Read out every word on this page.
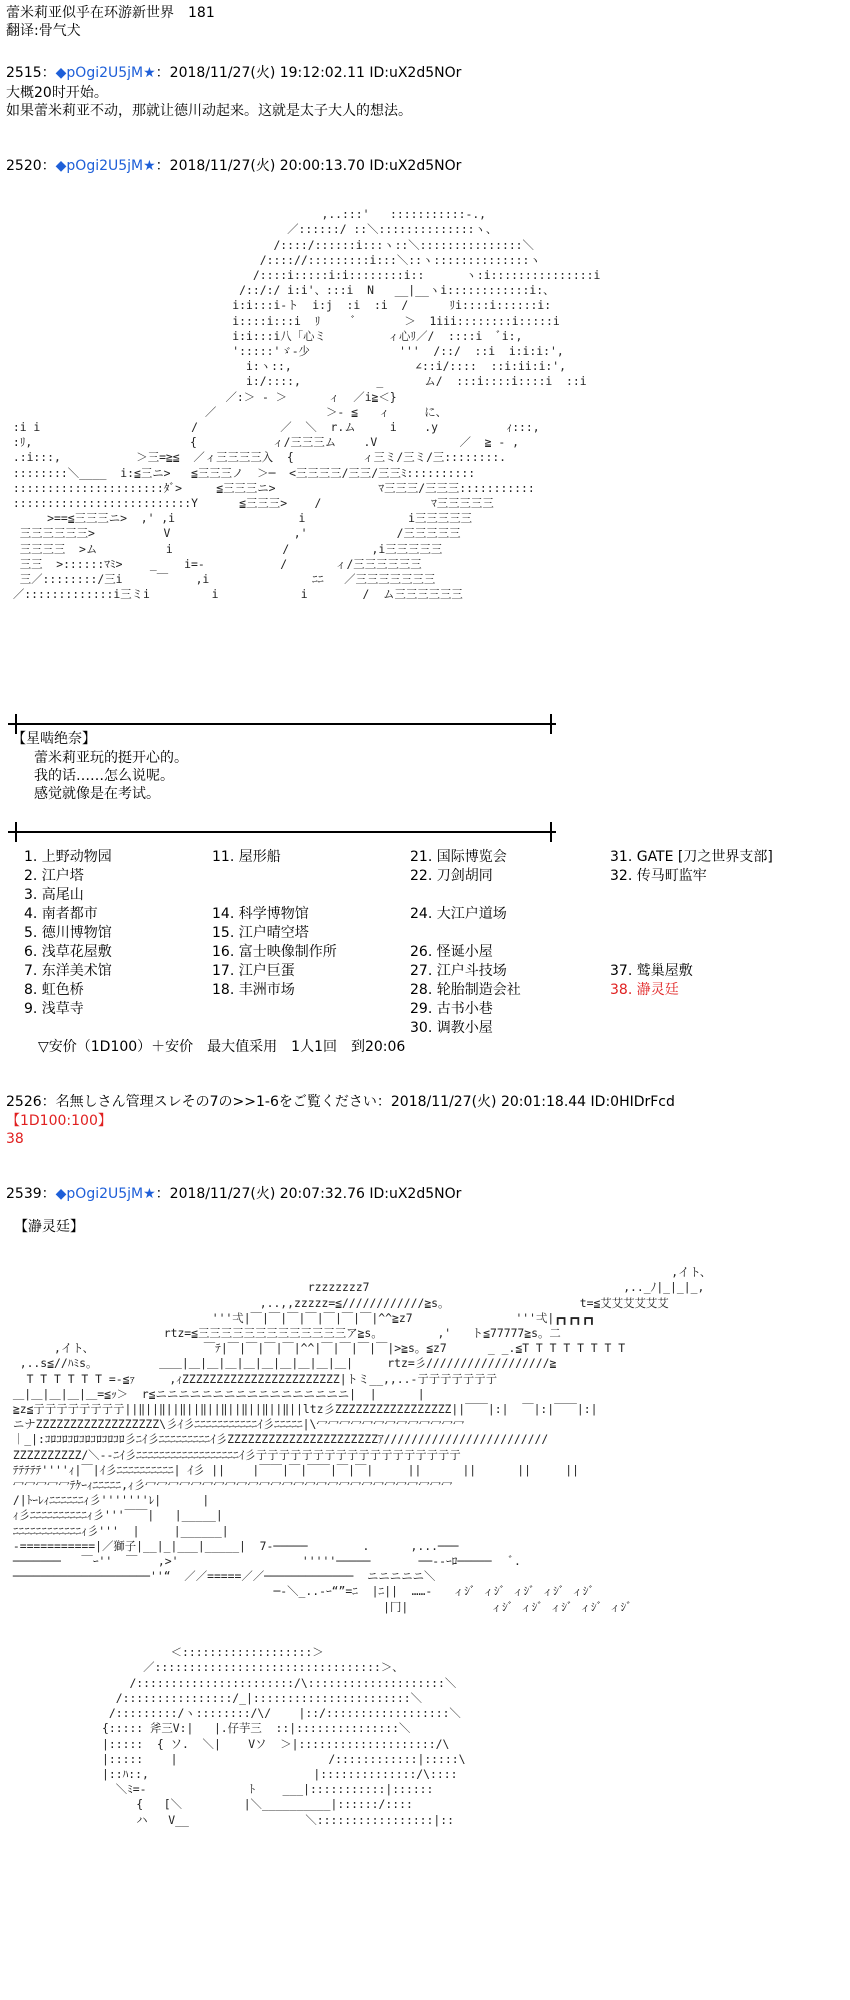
蕾米莉亚似乎在环游新世界　181
翻译:骨气犬
2515：◆pOgi2U5jM★：2018/11/27(火) 19:12:02.11 ID:uX2d5NOr
大概20时开始。
如果蕾米莉亚不动，那就让德川动起来。这就是太子大人的想法。
2520：◆pOgi2U5jM★：2018/11/27(火) 20:00:13.70 ID:uX2d5NOr

,..:::'   :::::::::::-.,
／::::::/ ::＼::::::::::::::ヽ、
/::::/::::::i:::ヽ::＼:::::::::::::::＼
/:::://:::::::::i:::＼::ヽ::::::::::::::ヽ
/::::i:::::i:i::::::::i::      ヽ:i:::::::::::::::i
/::/:/ i:i'、:::i  N   __|__ヽi::::::::::::i:、
i:i:::i-ト  i:j  :i  :i  /      ﾘi::::i::::::i:
i::::i:::i  ﾘ     ﾞ       ＞  1iii::::::::i:::::i
i:i:::i八「心ミ         ィ心ﾘ／/  ::::i  ﾞi:,
':::::'ゞ-少             '''  /::/  ::i  i:i:i:',
i:ヽ::,                  ∠::i/::::  ::i:ii:i:',
i:/::::,           _      ム/  :::i::::i::::i  ::i
／:＞ - ＞      ィ  ／i≧＜}
／                ＞- ≦   ィ     に、
:i i                      /            ／  ＼  r.ム     i    .y          ｨ:::,
:ﾘ,                       {           ィ/三三三ム    .V            ／  ≧ - ,
.:i:::,           ＞三=≧≦  ／ィ三三三三入  {          ィ三ミ/三ミ/三::::::::.
::::::::＼____  i:≦三ニ>   ≦三三三ノ  ＞─  <三三三三/三三/三三ﾐ::::::::::
::::::::::::::::::::::ﾀﾞ>     ≦三三三ニ>               ﾏ三三三/三三三:::::::::::
::::::::::::::::::::::::::Y      ≦三三三>    /                ﾏ三三三三三
>==≦三三三ニ>  ,' ,i                  i               i三三三三三
三三三三三三>          V                  ,'             /三三三三三
三三三三  >ム          i                /            ,i三三三三三
三三  >::::::ﾏﾐ>    _    i=-           /       ィ/三三三三三三
三／::::::::/三i     ￣    ,i               ﾆﾆ   ／三三三三三三三
／:::::::::::::i三ミi         i            i        /  ム三三三三三三

【星啮绝奈】
蕾米莉亚玩的挺开心的。
我的话……怎么说呢。
感觉就像是在考试。
1. 上野动物园
2. 江户塔
3. 高尾山
4. 南者都市
5. 德川博物馆
6. 浅草花屋敷
7. 东洋美术馆
8. 虹色桥
9. 浅草寺
11. 屋形船
14. 科学博物馆
15. 江户晴空塔
16. 富士映像制作所
17. 江户巨蛋
18. 丰洲市场
21. 国际博览会
22. 刀剑胡同
24. 大江户道场
26. 怪诞小屋
27. 江户斗技场
28. 轮胎制造会社
29. 古书小巷
30. 调教小屋
31. GATE [刀之世界支部]
32. 传马町监牢
37. 鹫巢屋敷
38. 瀞灵廷
▽安价（1D100）＋安价　最大值采用　1人1回　到20:06
2526：名無しさん管理スレその7の>>1-6をご覧ください：2018/11/27(火) 20:01:18.44 ID:0HIDrFcd
【1D100:100】
38
2539：◆pOgi2U5jM★：2018/11/27(火) 20:07:32.76 ID:uX2d5NOr
【瀞灵廷】

,イト、
rzzzzzzz7                                     ,.._ﾉ|_|_|_,
,..,,zzzzz=≦////////////≧s。                   t=≦艾艾艾艾艾艾
'''弌|￣|￣|￣|￣|￣|￣|￣|^^≧z7               '''弌|┏┓┏┓┏┓
rtz=≦三三三三三三三三三三三三三ア≧s。        ,'   ト≦77777≧s。二
,イト、                ￣ﾃ|￣|￣|￣|￣|^^|￣|￣|￣|￣|>≧s。≦z7      _ _.≦T T T T T T T T
,..s≦//ﾊﾐs。         ＿＿|＿|＿|＿|＿|＿|＿|＿|＿|＿|     rtz=彡//////////////////≧
T T T T T T =-≦ｧ     ,ｨZZZZZZZZZZZZZZZZZZZZZZZ|トミ__,,..-亍亍亍亍亍亍亍
＿|＿|＿|＿|＿=≦ｯ＞  r≦ニニニニニニニニニニニニニニニニニ|  |      |
≧z≦亍亍亍亍亍亍亍亍||‖||‖||‖||‖||‖||‖||‖||‖||ltz彡ZZZZZZZZZZZZZZZZZ||￣￣|:|  ￣|:|￣￣|:|
ニナZZZZZZZZZZZZZZZZZZ\彡ｲ彡ﾆﾆﾆﾆﾆﾆﾆﾆﾆﾆﾆｲ彡ﾆﾆﾆﾆﾆ|\冖冖冖冖冖冖冖冖冖冖冖冖冖
｜_|:ｺﾛｺﾛｺﾛｺﾛｺﾛｺﾛｺﾛ彡ﾆｲ彡ﾆﾆﾆﾆﾆﾆﾆﾆﾆｲ彡ZZZZZZZZZZZZZZZZZZZZZZｱ////////////////////////
ZZZZZZZZZZ/＼-‐ﾆｲ彡ﾆﾆﾆﾆﾆﾆﾆﾆﾆﾆﾆﾆﾆﾆﾆﾆﾆﾆｲ彡亍亍亍亍亍亍亍亍亍亍亍亍亍亍亍亍亍亍
ﾃﾃﾃﾃﾃ''''ｨ|￣|ｲ彡ﾆﾆﾆﾆﾆﾆﾆﾆﾆﾆ| ｲ彡 ||    |￣￣|￣|￣￣|￣|￣|     ||      ||      ||     ||
冖冖冖冖冖ﾃｹｰｨﾆﾆﾆﾆﾆ,ｨ彡冖冖冖冖冖冖冖冖冖冖冖冖冖冖冖冖冖冖冖冖冖冖冖冖冖冖冖
/|ﾄｰﾚｨﾆﾆﾆﾆﾆﾆｨ彡'''''''ﾚ|      |
ｨ彡ﾆﾆﾆﾆﾆﾆﾆﾆﾆﾆｨ彡'''￣￣|   |_____|
ﾆﾆﾆﾆﾆﾆﾆﾆﾆﾆﾆﾆｨ彡'''  |     |______|
-===========|／獅子|__|_|___|_____|  7-─────        .      ,...───
───────   ￣ｰ''  ￣   ,>'                  '''''─────       ──--ｰﾛ─────   ﾞ.
────────────────────''“  ／／=====／／─────────────  ニニニニニ＼
─-＼_..-ｰ“”=ﾆ  |ﾆ||  ……-   ィｼﾞ ィｼﾞ ィｼﾞ ィｼﾞ ィｼﾞ
|冂|            ィｼﾞ ィｼﾞ ィｼﾞ ィｼﾞ ィｼﾞ

＜:::::::::::::::::::＞
／:::::::::::::::::::::::::::::::::＞、
/:::::::::::::::::::::::/\::::::::::::::::::::＼
/::::::::::::::::/_|:::::::::::::::::::::::＼
/:::::::::/ヽ::::::::/\/    |::/::::::::::::::::::＼
{::::: 斧三V:|   |.仔芋三  ::|:::::::::::::::＼
|:::::  { ソ.  ＼|    Vソ  ＞|::::::::::::::::::::/\
|:::::    |                      /::::::::::::|:::::\
|::ﾊ::,                        |::::::::::::::/\::::
＼ﾐ=-               ﾄ    ___|:::::::::::|::::::
{   [＼         |＼__________|::::::/::::
ハ   V__                 ＼:::::::::::::::::|::
